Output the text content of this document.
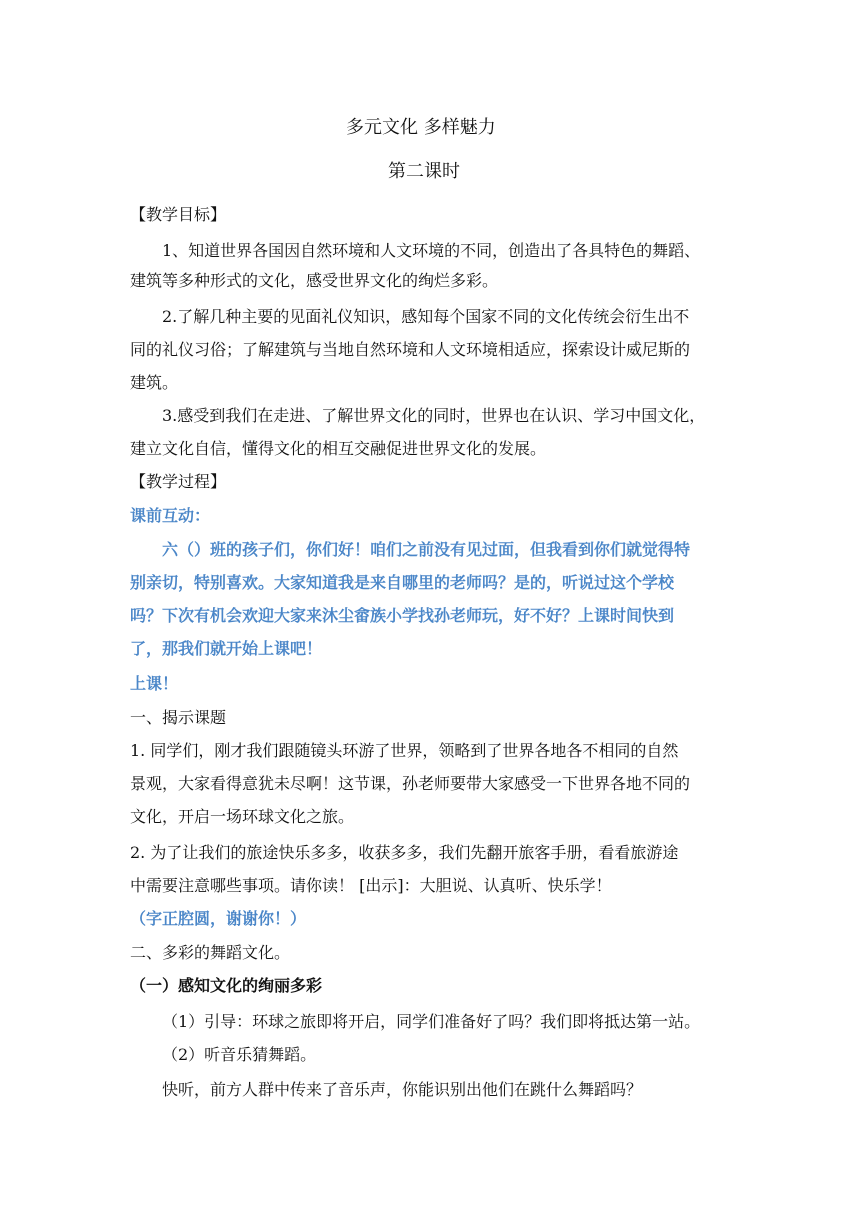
多元文化 多样魅力
第二课时
【教学目标】
1、知道世界各国因自然环境和人文环境的不同，创造出了各具特色的舞蹈、
建筑等多种形式的文化，感受世界文化的绚烂多彩。
2.了解几种主要的见面礼仪知识，感知每个国家不同的文化传统会衍生出不
同的礼仪习俗；了解建筑与当地自然环境和人文环境相适应，探索设计威尼斯的
建筑。
3.感受到我们在走进、了解世界文化的同时，世界也在认识、学习中国文化，
建立文化自信，懂得文化的相互交融促进世界文化的发展。
【教学过程】
课前互动：
六（）班的孩子们，你们好！咱们之前没有见过面，但我看到你们就觉得特
别亲切，特别喜欢。大家知道我是来自哪里的老师吗？是的，听说过这个学校
吗？下次有机会欢迎大家来沐尘畲族小学找孙老师玩，好不好？上课时间快到
了，那我们就开始上课吧！
上课！
一、揭示课题
1. 同学们，刚才我们跟随镜头环游了世界，领略到了世界各地各不相同的自然
景观，大家看得意犹未尽啊！这节课，孙老师要带大家感受一下世界各地不同的
文化，开启一场环球文化之旅。
2. 为了让我们的旅途快乐多多，收获多多，我们先翻开旅客手册，看看旅游途
中需要注意哪些事项。请你读！ [出示]：大胆说、认真听、快乐学！
（字正腔圆，谢谢你！）
二、多彩的舞蹈文化。
（一）感知文化的绚丽多彩
（1）引导：环球之旅即将开启，同学们准备好了吗？我们即将抵达第一站。
（2）听音乐猜舞蹈。
快听，前方人群中传来了音乐声，你能识别出他们在跳什么舞蹈吗？
